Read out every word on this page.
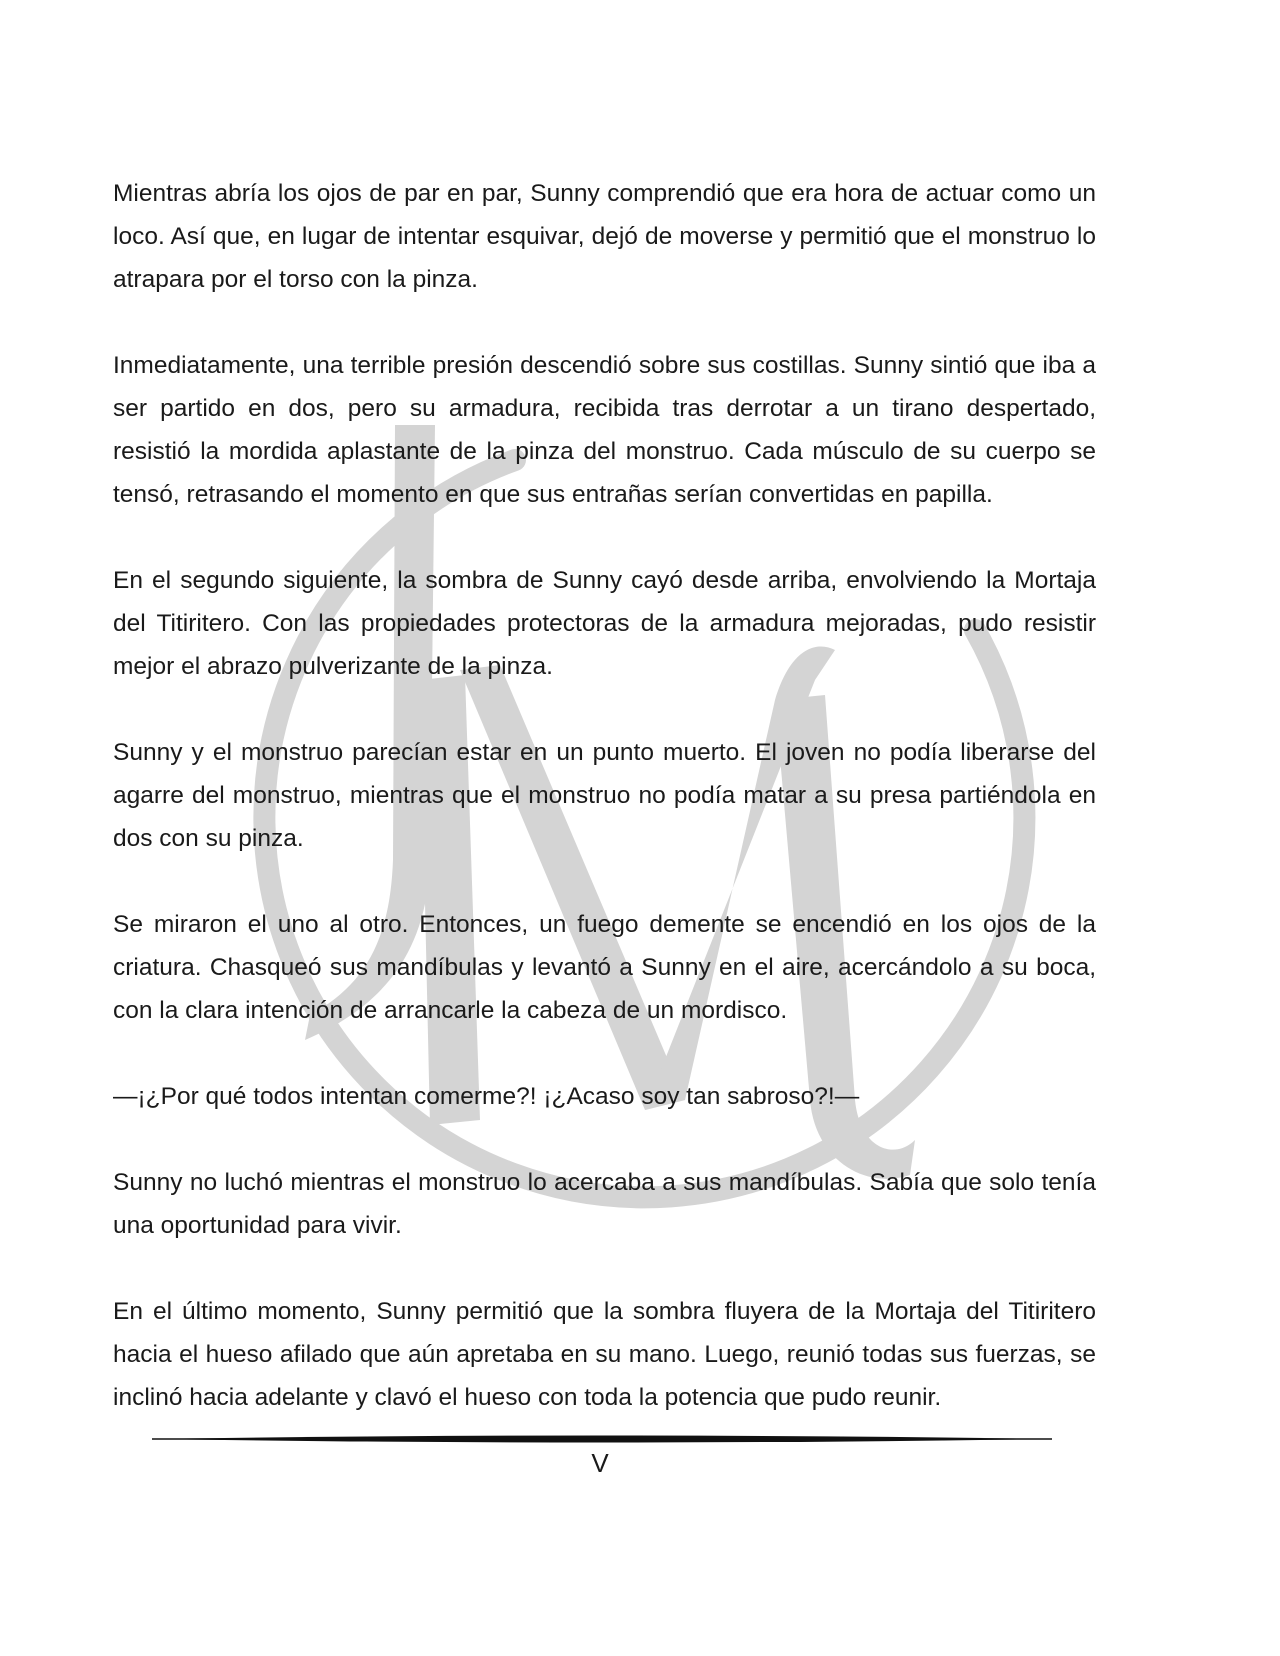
Mientras abría los ojos de par en par, Sunny comprendió que era hora de actuar como un loco. Así que, en lugar de intentar esquivar, dejó de moverse y permitió que el monstruo lo atrapara por el torso con la pinza.

Inmediatamente, una terrible presión descendió sobre sus costillas. Sunny sintió que iba a ser partido en dos, pero su armadura, recibida tras derrotar a un tirano despertado, resistió la mordida aplastante de la pinza del monstruo. Cada músculo de su cuerpo se tensó, retrasando el momento en que sus entrañas serían convertidas en papilla.

En el segundo siguiente, la sombra de Sunny cayó desde arriba, envolviendo la Mortaja del Titiritero. Con las propiedades protectoras de la armadura mejoradas, pudo resistir mejor el abrazo pulverizante de la pinza.

Sunny y el monstruo parecían estar en un punto muerto. El joven no podía liberarse del agarre del monstruo, mientras que el monstruo no podía matar a su presa partiéndola en dos con su pinza.

Se miraron el uno al otro. Entonces, un fuego demente se encendió en los ojos de la criatura. Chasqueó sus mandíbulas y levantó a Sunny en el aire, acercándolo a su boca, con la clara intención de arrancarle la cabeza de un mordisco.

—¡¿Por qué todos intentan comerme?! ¡¿Acaso soy tan sabroso?!—

Sunny no luchó mientras el monstruo lo acercaba a sus mandíbulas. Sabía que solo tenía una oportunidad para vivir.

En el último momento, Sunny permitió que la sombra fluyera de la Mortaja del Titiritero hacia el hueso afilado que aún apretaba en su mano. Luego, reunió todas sus fuerzas, se inclinó hacia adelante y clavó el hueso con toda la potencia que pudo reunir.

V
